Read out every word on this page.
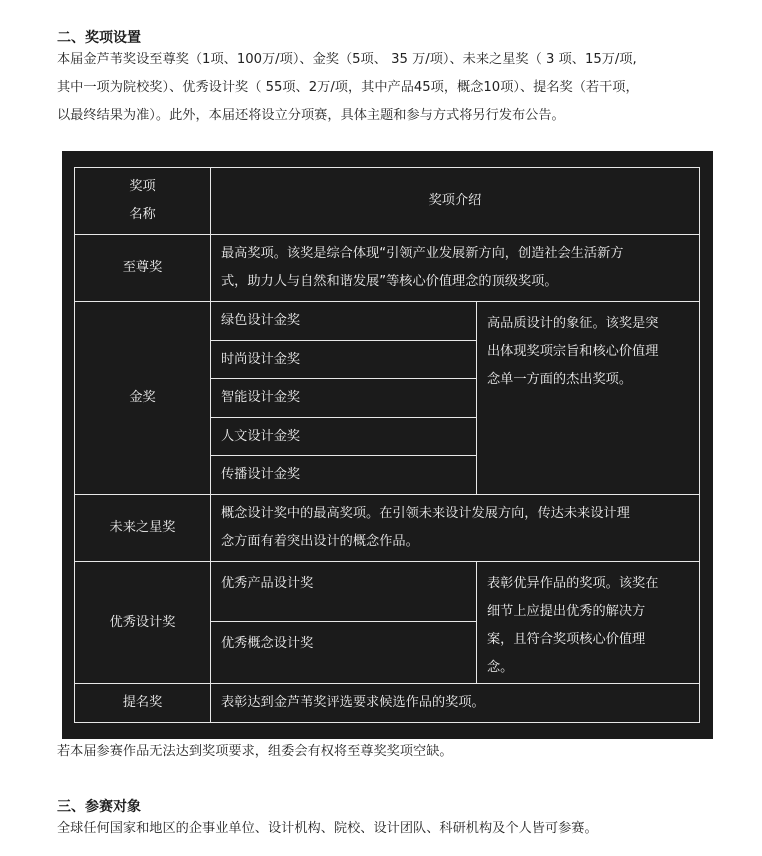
二、奖项设置
本届金芦苇奖设至尊奖（1项、100万/项）、金奖（5项、 35 万/项）、未来之星奖（ 3 项、15万/项,
其中一项为院校奖）、优秀设计奖（ 55项、2万/项，其中产品45项，概念10项）、提名奖（若干项，
以最终结果为准）。此外，本届还将设立分项赛，具体主题和参与方式将另行发布公告。
奖项
名称	奖项介绍	
至尊奖	最高奖项。该奖是综合体现“引领产业发展新方向，创造社会生活新方
式，助力人与自然和谐发展”等核心价值理念的顶级奖项。	

金奖	绿色设计金奖	高品质设计的象征。该奖是突
出体现奖项宗旨和核心价值理
念单一方面的杰出奖项。

	时尚设计金奖	
	智能设计金奖	
	人文设计金奖	
	传播设计金奖	
未来之星奖	概念设计奖中的最高奖项。在引领未来设计发展方向，传达未来设计理
念方面有着突出设计的概念作品。	

优秀设计奖	优秀产品设计奖	表彰优异作品的奖项。该奖在
细节上应提出优秀的解决方
案，且符合奖项核心价值理
念。

	优秀概念设计奖	
提名奖	表彰达到金芦苇奖评选要求候选作品的奖项。	
若本届参赛作品无法达到奖项要求，组委会有权将至尊奖奖项空缺。
三、参赛对象
全球任何国家和地区的企事业单位、设计机构、院校、设计团队、科研机构及个人皆可参赛。
